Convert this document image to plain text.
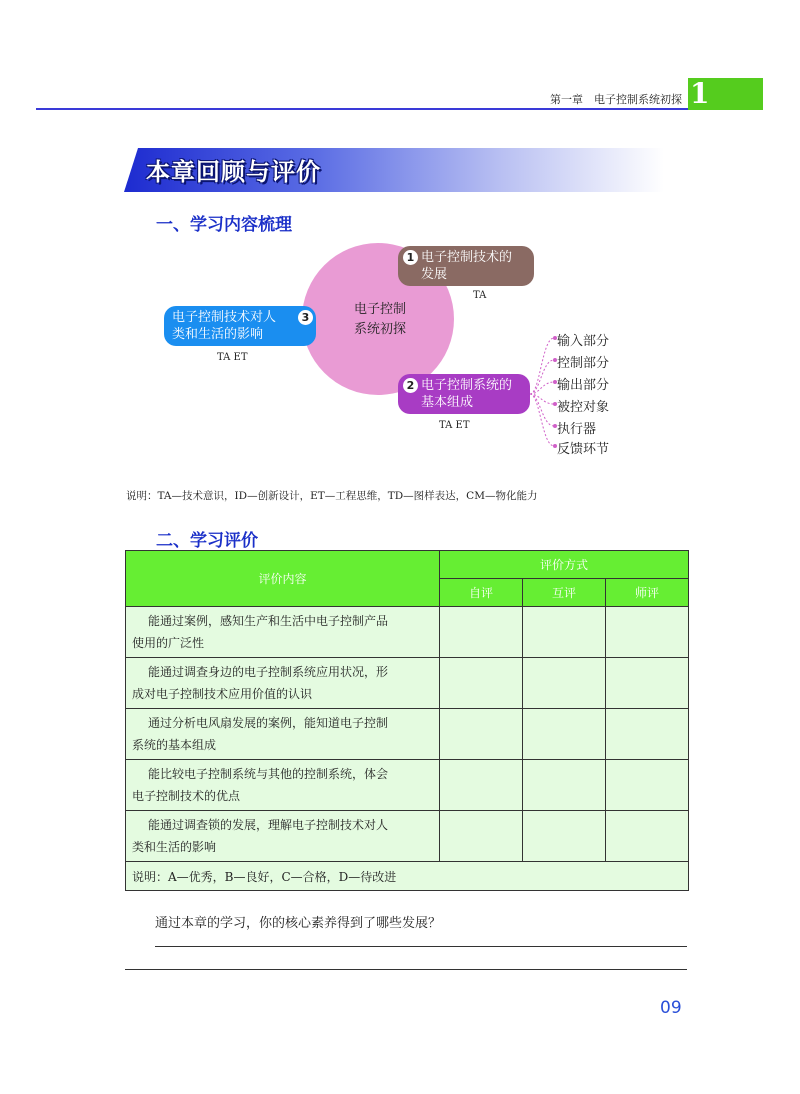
第一章　电子控制系统初探 1
本章回顾与评价
一、学习内容梳理
电子控制
系统初探
1 电子控制技术的
发展
TA
电子控制技术对人
类和生活的影响
3
TA ET
2 电子控制系统的
基本组成
TA ET
输入部分
控制部分
输出部分
被控对象
执行器
反馈环节
说明：TA—技术意识，ID—创新设计，ET—工程思维，TD—图样表达，CM—物化能力
二、学习评价
评价内容	评价方式		
	自评	互评	师评
能通过案例，感知生产和生活中电子控制产品
使用的广泛性			
能通过调查身边的电子控制系统应用状况，形
成对电子控制技术应用价值的认识			
通过分析电风扇发展的案例，能知道电子控制
系统的基本组成			
能比较电子控制系统与其他的控制系统，体会
电子控制技术的优点			
能通过调查锁的发展，理解电子控制技术对人
类和生活的影响			
说明：A—优秀，B—良好，C—合格，D—待改进			
通过本章的学习，你的核心素养得到了哪些发展？
09
